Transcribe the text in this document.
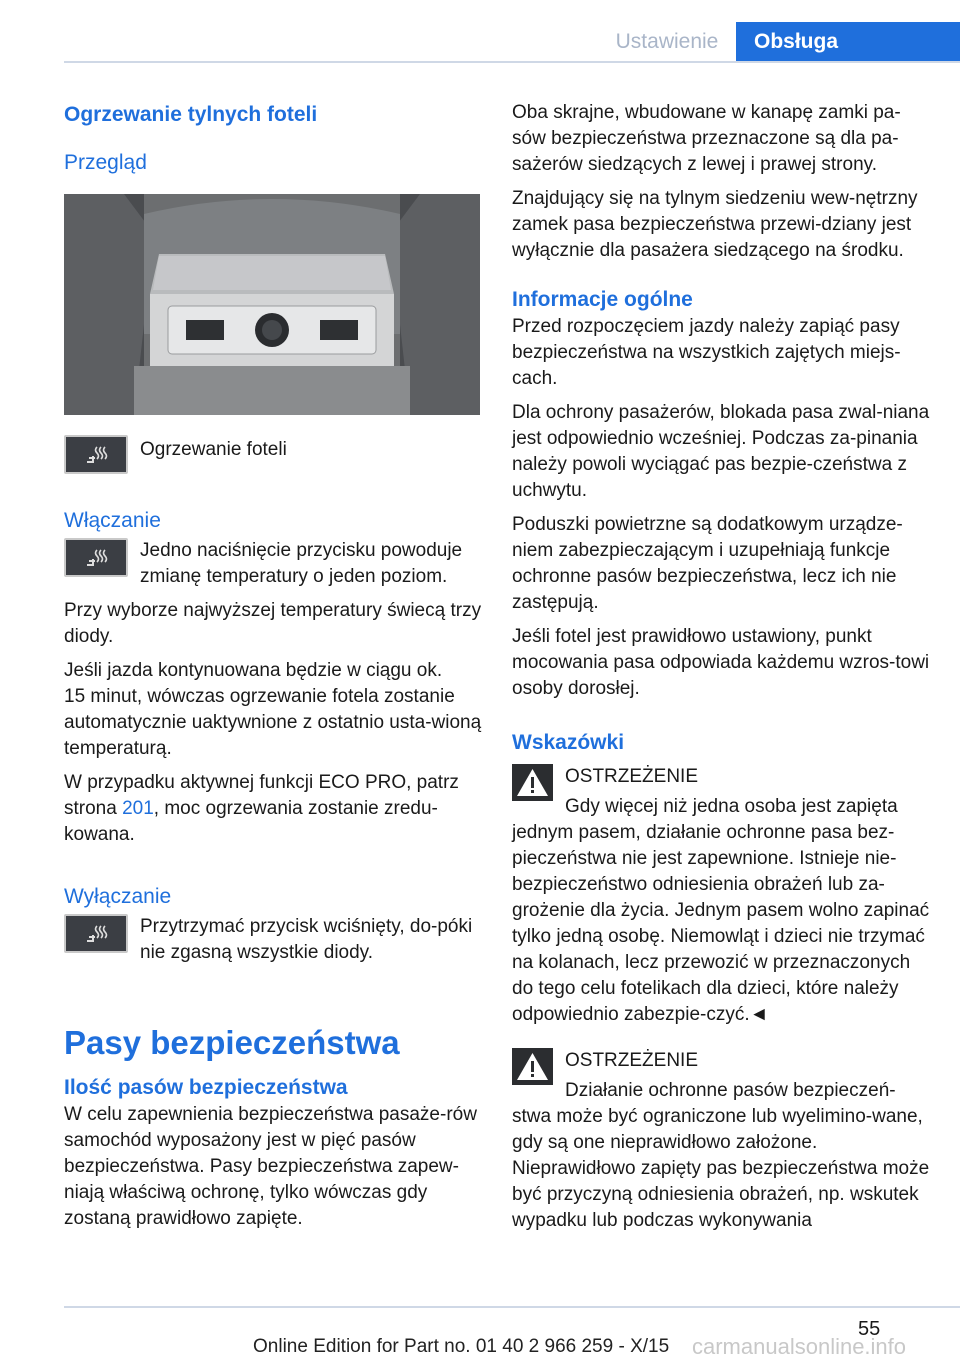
Ustawienie	Obsługa
Ogrzewanie tylnych foteli
Przegląd

Ogrzewanie foteli

Włączanie

Jedno naciśnięcie przycisku powoduje zmianę temperatury o jeden poziom.

Przy wyborze najwyższej temperatury świecą trzy diody.

Jeśli jazda kontynuowana będzie w ciągu ok.

15 minut, wówczas ogrzewanie fotela zostanie automatycznie uaktywnione z ostatnio usta-wioną temperaturą.

W przypadku aktywnej funkcji ECO PRO, patrz strona 201, moc ogrzewania zostanie zredu-kowana.

Wyłączanie

Przytrzymać przycisk wciśnięty, do-póki nie zgasną wszystkie diody.

Pasy bezpieczeństwa
Ilość pasów bezpieczeństwa

W celu zapewnienia bezpieczeństwa pasaże-rów samochód wyposażony jest w pięć pasów bezpieczeństwa. Pasy bezpieczeństwa zapew-niają właściwą ochronę, tylko wówczas gdy zostaną prawidłowo zapięte.

Oba skrajne, wbudowane w kanapę zamki pa-sów bezpieczeństwa przeznaczone są dla pa-sażerów siedzących z lewej i prawej strony.

Znajdujący się na tylnym siedzeniu wew-nętrzny zamek pasa bezpieczeństwa przewi-dziany jest wyłącznie dla pasażera siedzącego na środku.

Informacje ogólne

Przed rozpoczęciem jazdy należy zapiąć pasy bezpieczeństwa na wszystkich zajętych miejs-cach.

Dla ochrony pasażerów, blokada pasa zwal-niana jest odpowiednio wcześniej. Podczas za-pinania należy powoli wyciągać pas bezpie-czeństwa z uchwytu.

Poduszki powietrzne są dodatkowym urządze-niem zabezpieczającym i uzupełniają funkcje ochronne pasów bezpieczeństwa, lecz ich nie zastępują.

Jeśli fotel jest prawidłowo ustawiony, punkt mocowania pasa odpowiada każdemu wzros-towi osoby dorosłej.

Wskazówki

OSTRZEŻENIE

Gdy więcej niż jedna osoba jest zapięta

jednym pasem, działanie ochronne pasa bez-pieczeństwa nie jest zapewnione. Istnieje nie-bezpieczeństwo odniesienia obrażeń lub za-grożenie dla życia. Jednym pasem wolno zapinać tylko jedną osobę. Niemowląt i dzieci nie trzymać na kolanach, lecz przewozić w przeznaczonych do tego celu fotelikach dla dzieci, które należy odpowiednio zabezpie-czyć.◄

OSTRZEŻENIE

Działanie ochronne pasów bezpieczeń-

stwa może być ograniczone lub wyelimino-wane, gdy są one nieprawidłowo założone. Nieprawidłowo zapięty pas bezpieczeństwa może być przyczyną odniesienia obrażeń, np. wskutek wypadku lub podczas wykonywania

55
carmanualsonline.info
Online Edition for Part no. 01 40 2 966 259 - X/15
